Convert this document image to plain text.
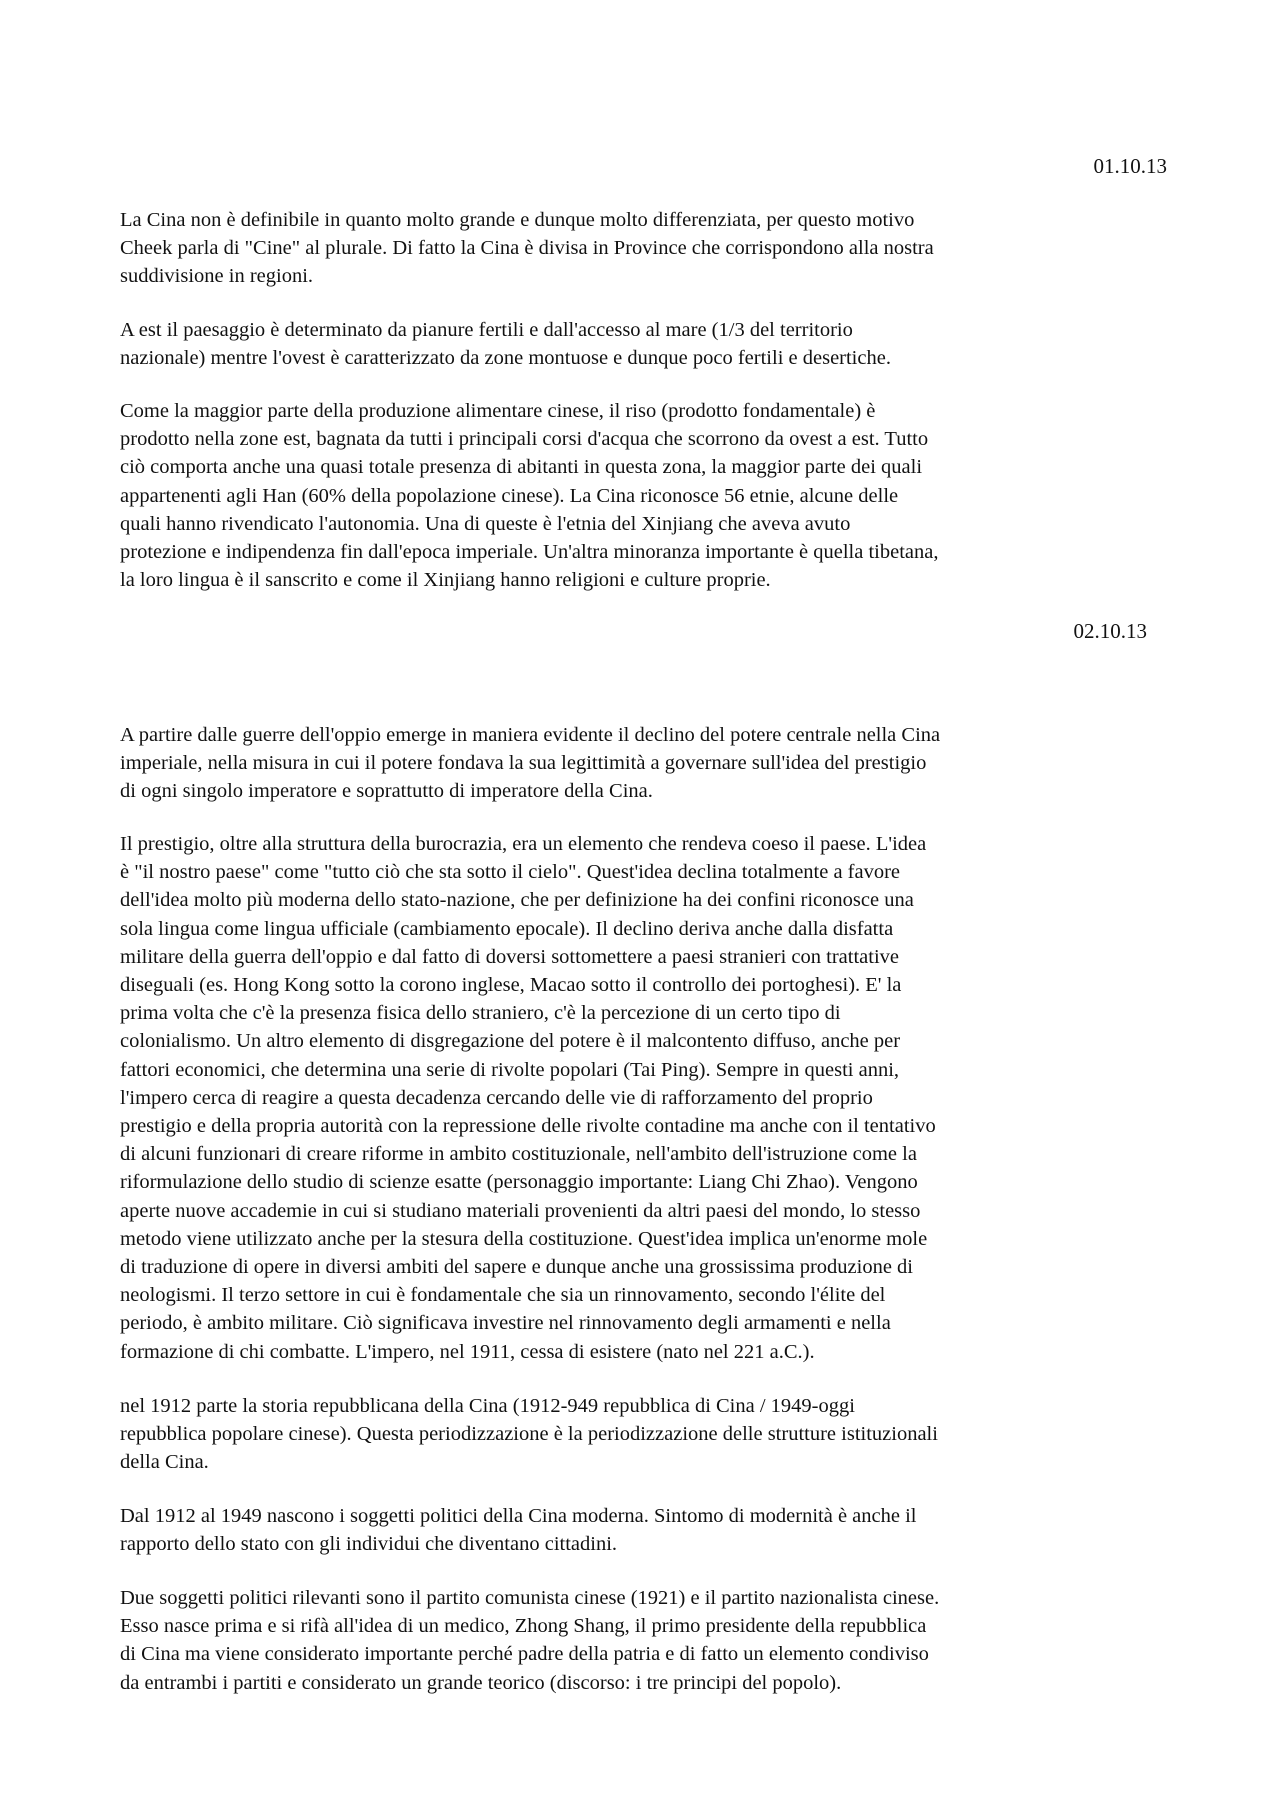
01.10.13

La Cina non è definibile in quanto molto grande e dunque molto differenziata, per questo motivo
Cheek parla di "Cine" al plurale. Di fatto la Cina è divisa in Province che corrispondono alla nostra
suddivisione in regioni.

A est il paesaggio è determinato da pianure fertili e dall'accesso al mare (1/3 del territorio
nazionale) mentre l'ovest è caratterizzato da zone montuose e dunque poco fertili e desertiche.

Come la maggior parte della produzione alimentare cinese, il riso (prodotto fondamentale) è
prodotto nella zone est, bagnata da tutti i principali corsi d'acqua che scorrono da ovest a est. Tutto
ciò comporta anche una quasi totale presenza di abitanti in questa zona, la maggior parte dei quali
appartenenti agli Han (60% della popolazione cinese). La Cina riconosce 56 etnie, alcune delle
quali hanno rivendicato l'autonomia. Una di queste è l'etnia del Xinjiang che aveva avuto
protezione e indipendenza fin dall'epoca imperiale. Un'altra minoranza importante è quella tibetana,
la loro lingua è il sanscrito e come il Xinjiang hanno religioni e culture proprie.

02.10.13

A partire dalle guerre dell'oppio emerge in maniera evidente il declino del potere centrale nella Cina
imperiale, nella misura in cui il potere fondava la sua legittimità a governare sull'idea del prestigio
di ogni singolo imperatore e soprattutto di imperatore della Cina.

Il prestigio, oltre alla struttura della burocrazia, era un elemento che rendeva coeso il paese. L'idea
è "il nostro paese" come "tutto ciò che sta sotto il cielo". Quest'idea declina totalmente a favore
dell'idea molto più moderna dello stato-nazione, che per definizione ha dei confini riconosce una
sola lingua come lingua ufficiale (cambiamento epocale). Il declino deriva anche dalla disfatta
militare della guerra dell'oppio e dal fatto di doversi sottomettere a paesi stranieri con trattative
diseguali (es. Hong Kong sotto la corono inglese, Macao sotto il controllo dei portoghesi). E' la
prima volta che c'è la presenza fisica dello straniero, c'è la percezione di un certo tipo di
colonialismo. Un altro elemento di disgregazione del potere è il malcontento diffuso, anche per
fattori economici, che determina una serie di rivolte popolari (Tai Ping). Sempre in questi anni,
l'impero cerca di reagire a questa decadenza cercando delle vie di rafforzamento del proprio
prestigio e della propria autorità con la repressione delle rivolte contadine ma anche con il tentativo
di alcuni funzionari di creare riforme in ambito costituzionale, nell'ambito dell'istruzione come la
riformulazione dello studio di scienze esatte (personaggio importante: Liang Chi Zhao). Vengono
aperte nuove accademie in cui si studiano materiali provenienti da altri paesi del mondo, lo stesso
metodo viene utilizzato anche per la stesura della costituzione. Quest'idea implica un'enorme mole
di traduzione di opere in diversi ambiti del sapere e dunque anche una grossissima produzione di
neologismi. Il terzo settore in cui è fondamentale che sia un rinnovamento, secondo l'élite del
periodo, è ambito militare. Ciò significava investire nel rinnovamento degli armamenti e nella
formazione di chi combatte. L'impero, nel 1911, cessa di esistere (nato nel 221 a.C.).

nel 1912 parte la storia repubblicana della Cina (1912-949 repubblica di Cina / 1949-oggi
repubblica popolare cinese). Questa periodizzazione è la periodizzazione delle strutture istituzionali
della Cina.

Dal 1912 al 1949 nascono i soggetti politici della Cina moderna. Sintomo di modernità è anche il
rapporto dello stato con gli individui che diventano cittadini.

Due soggetti politici rilevanti sono il partito comunista cinese (1921) e il partito nazionalista cinese.
Esso nasce prima e si rifà all'idea di un medico, Zhong Shang, il primo presidente della repubblica
di Cina ma viene considerato importante perché padre della patria e di fatto un elemento condiviso
da entrambi i partiti e considerato un grande teorico (discorso: i tre principi del popolo).
